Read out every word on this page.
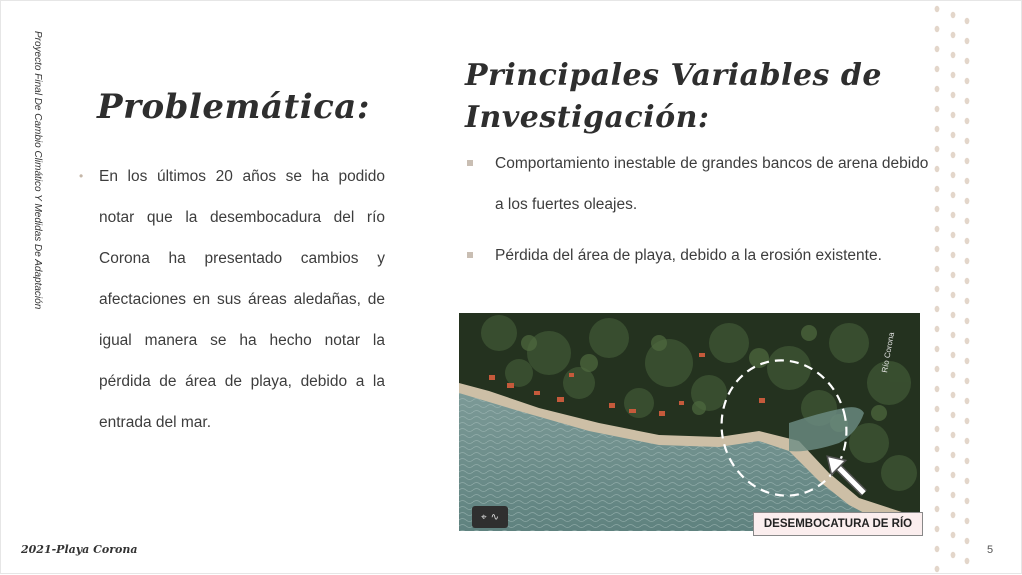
Proyecto Final De Cambio Climático Y Medidas De Adaptación Problemática:
• En los últimos 20 años se ha podido notar que la desembocadura del río Corona ha presentado cambios y afectaciones en sus áreas aledañas, de igual manera se ha hecho notar la pérdida de área de playa, debido a la entrada del mar.

Principales Variables de Investigación:
Comportamiento inestable de grandes bancos de arena debido a los fuertes oleajes.
Pérdida del área de playa, debido a la erosión existente.
Río Corona
⌖ ∿
DESEMBOCATURA DE RÍO
2021-Playa Corona	5
